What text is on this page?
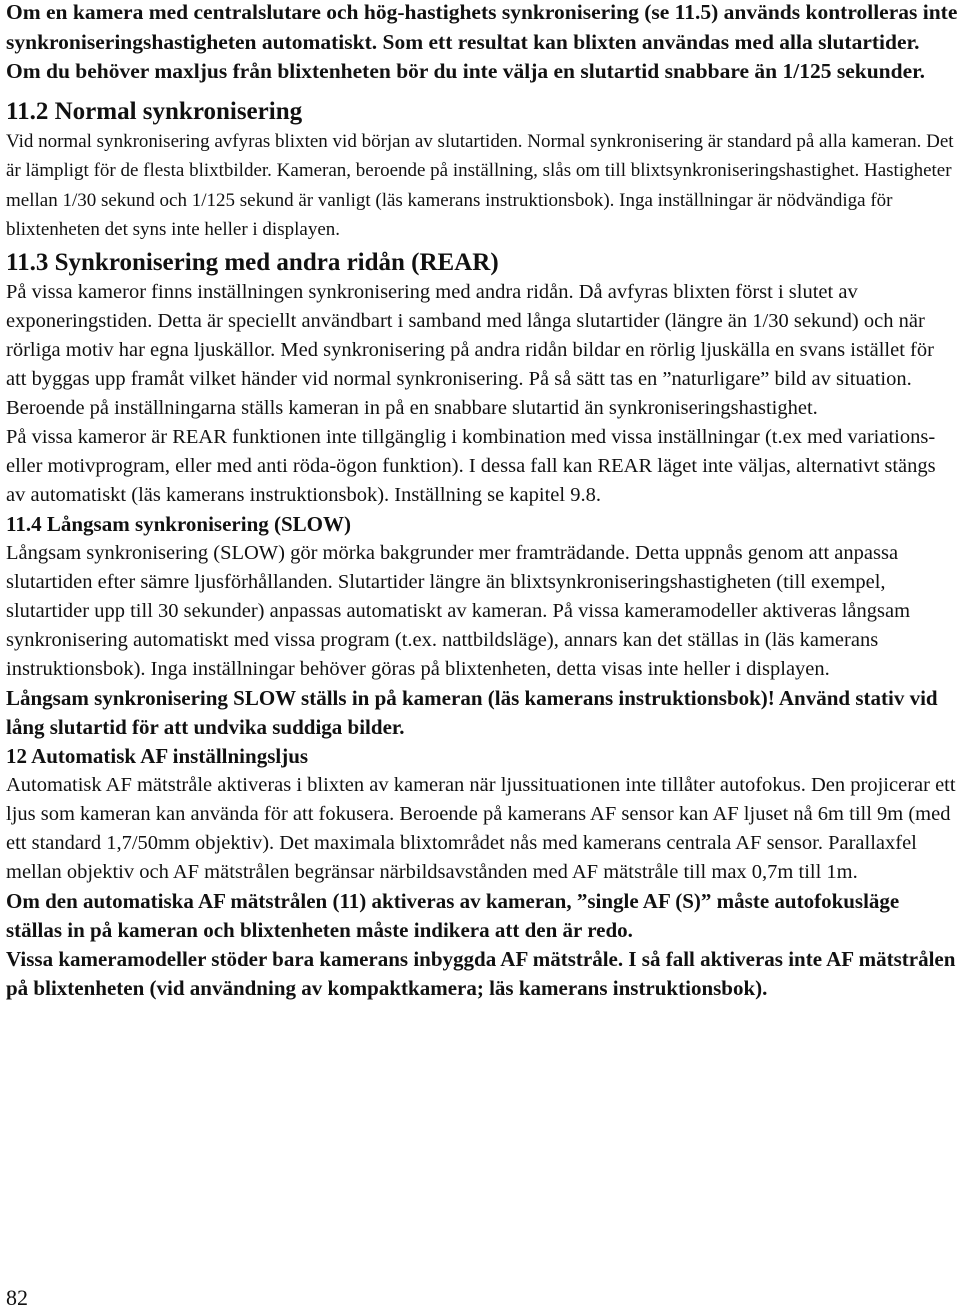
Om en kamera med centralslutare och hög-hastighets synkronisering (se 11.5) används kontrolleras inte synkroniseringshastigheten automatiskt. Som ett resultat kan blixten användas med alla slutartider. Om du behöver maxljus från blixtenheten bör du inte välja en slutartid snabbare än 1/125 sekunder.

11.2 Normal synkronisering

Vid normal synkronisering avfyras blixten vid början av slutartiden. Normal synkronisering är standard på alla kameran. Det är lämpligt för de flesta blixtbilder. Kameran, beroende på inställning, slås om till blixtsynkroniseringshastighet. Hastigheter mellan 1/30 sekund och 1/125 sekund är vanligt (läs kamerans instruktionsbok). Inga inställningar är nödvändiga för blixtenheten det syns inte heller i displayen.

11.3 Synkronisering med andra ridån (REAR)

På vissa kameror finns inställningen synkronisering med andra ridån. Då avfyras blixten först i slutet av exponeringstiden. Detta är speciellt användbart i samband med långa slutartider (längre än 1/30 sekund) och när rörliga motiv har egna ljuskällor. Med synkronisering på andra ridån bildar en rörlig ljuskälla en svans istället för att byggas upp framåt vilket händer vid normal synkronisering. På så sätt tas en ”naturligare” bild av situation. Beroende på inställningarna ställs kameran in på en snabbare slutartid än synkroniseringshastighet.

På vissa kameror är REAR funktionen inte tillgänglig i kombination med vissa inställningar (t.ex med variations- eller motivprogram, eller med anti röda-ögon funktion). I dessa fall kan REAR läget inte väljas, alternativt stängs av automatiskt (läs kamerans instruktionsbok). Inställning se kapitel 9.8.

11.4 Långsam synkronisering (SLOW)

Långsam synkronisering (SLOW) gör mörka bakgrunder mer framträdande. Detta uppnås genom att anpassa slutartiden efter sämre ljusförhållanden. Slutartider längre än blixtsynkroniseringshastigheten (till exempel, slutartider upp till 30 sekunder) anpassas automatiskt av kameran. På vissa kameramodeller aktiveras långsam synkronisering automatiskt med vissa program (t.ex. nattbildsläge), annars kan det ställas in (läs kamerans instruktionsbok). Inga inställningar behöver göras på blixtenheten, detta visas inte heller i displayen.

Långsam synkronisering SLOW ställs in på kameran (läs kamerans instruktionsbok)! Använd stativ vid lång slutartid för att undvika suddiga bilder.

12 Automatisk AF inställningsljus

Automatisk AF mätstråle aktiveras i blixten av kameran när ljussituationen inte tillåter autofokus. Den projicerar ett ljus som kameran kan använda för att fokusera. Beroende på kamerans AF sensor kan AF ljuset nå 6m till 9m (med ett standard 1,7/50mm objektiv). Det maximala blixtområdet nås med kamerans centrala AF sensor. Parallaxfel mellan objektiv och AF mätstrålen begränsar närbildsavstånden med AF mätstråle till max 0,7m till 1m.

Om den automatiska AF mätstrålen (11) aktiveras av kameran, ”single AF (S)” måste autofokusläge ställas in på kameran och blixtenheten måste indikera att den är redo.

Vissa kameramodeller stöder bara kamerans inbyggda AF mätstråle. I så fall aktiveras inte AF mätstrålen på blixtenheten (vid användning av kompaktkamera; läs kamerans instruktionsbok).

82
